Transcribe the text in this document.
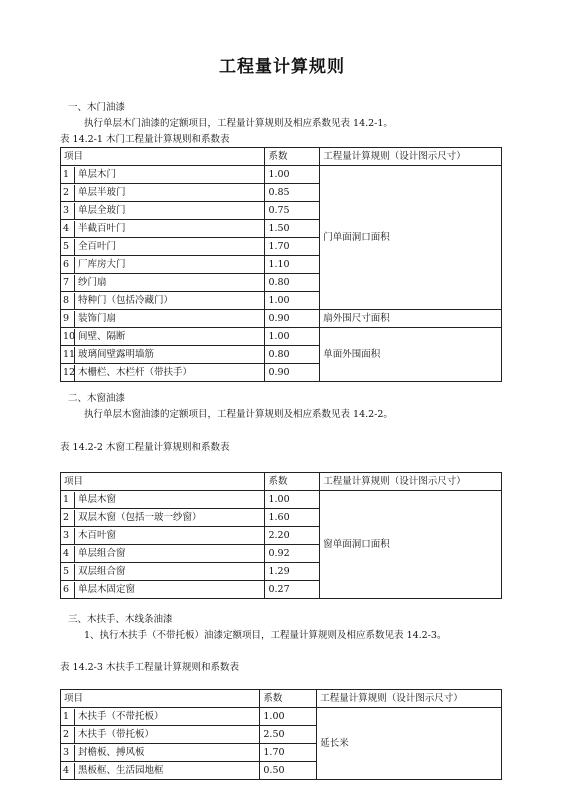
工程量计算规则
一、木门油漆
执行单层木门油漆的定额项目，工程量计算规则及相应系数见表 14.2-1。
表 14.2-1 木门工程量计算规则和系数表
项目	系数	工程量计算规则（设计图示尺寸）

1 单层木门	1.00	门单面洞口面积

2 单层半玻门	0.85	

3 单层全玻门	0.75	

4 半截百叶门	1.50	

5 全百叶门	1.70	

6 厂库房大门	1.10	

7 纱门扇	0.80	

8 特种门（包括冷藏门）	1.00	

9 装饰门扇	0.90	扇外围尺寸面积

10 间壁、隔断	1.00	单面外围面积

11 玻璃间壁露明墙筋	0.80	

12 木栅栏、木栏杆（带扶手）	0.90	
二、木窗油漆
执行单层木窗油漆的定额项目，工程量计算规则及相应系数见表 14.2-2。
表 14.2-2 木窗工程量计算规则和系数表
项目	系数	工程量计算规则（设计图示尺寸）

1 单层木窗	1.00	窗单面洞口面积

2 双层木窗（包括一玻一纱窗）	1.60	

3 木百叶窗	2.20	

4 单层组合窗	0.92	

5 双层组合窗	1.29	

6 单层木固定窗	0.27	
三、木扶手、木线条油漆
1、执行木扶手（不带托板）油漆定额项目，工程量计算规则及相应系数见表 14.2-3。
表 14.2-3 木扶手工程量计算规则和系数表
项目	系数	工程量计算规则（设计图示尺寸）

1 木扶手（不带托板）	1.00	延长米

2 木扶手（带托板）	2.50	

3 封檐板、搏风板	1.70	

4 黑板框、生活园地框	0.50	
